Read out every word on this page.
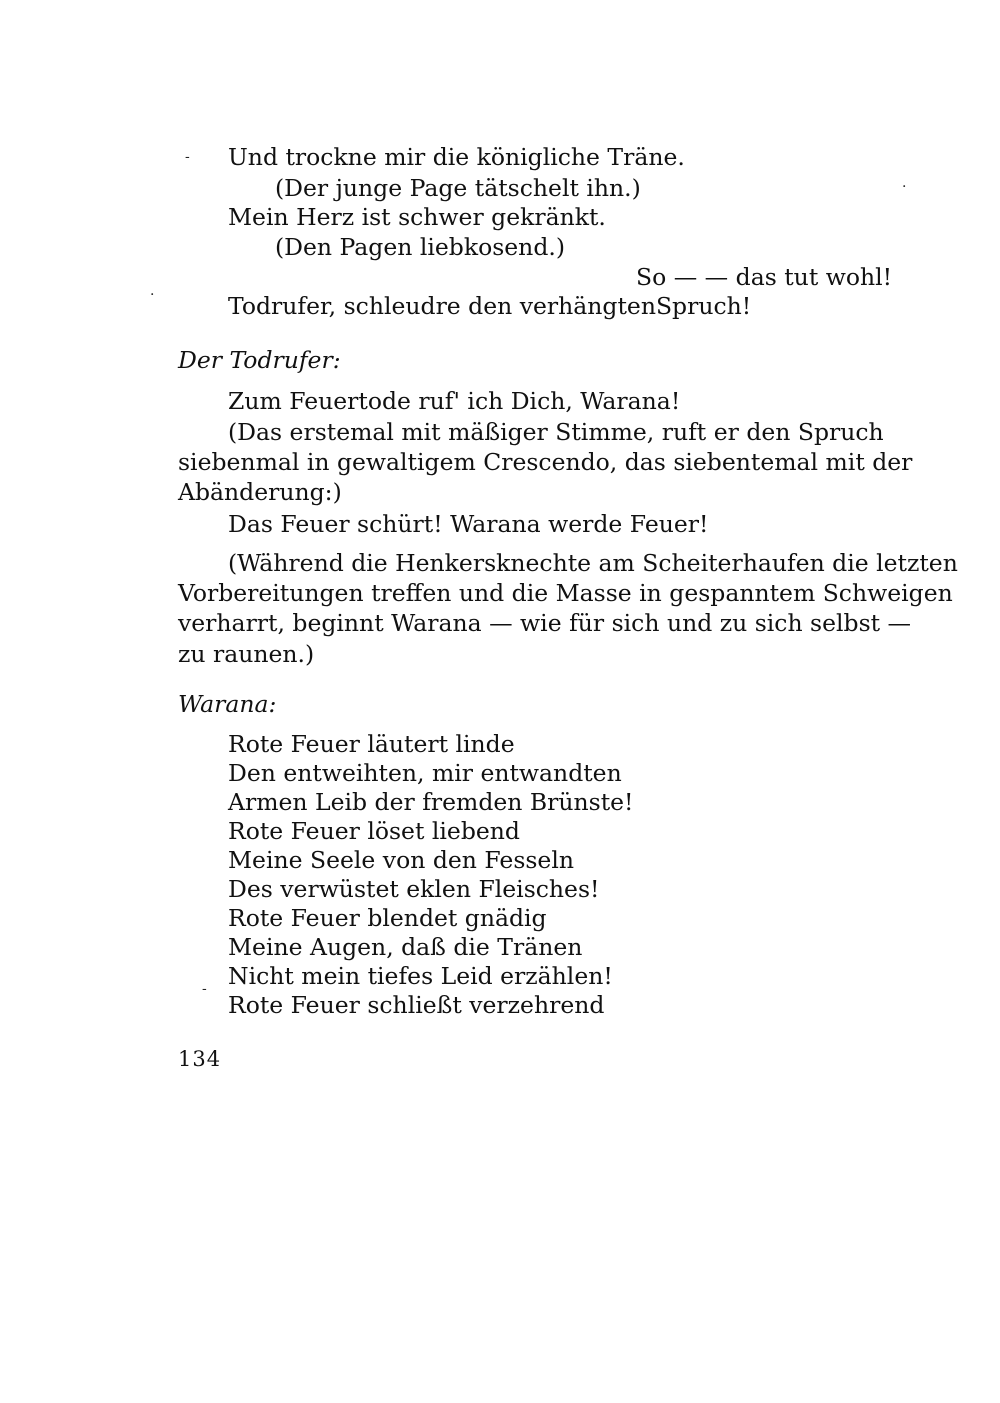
-
·
·
-
Und trockne mir die königliche Träne.
(Der junge Page tätschelt ihn.)
Mein Herz ist schwer gekränkt.
(Den Pagen liebkosend.)
So — — das tut wohl!
Todrufer, schleudre den verhängtenSpruch!
Der Todrufer:
Zum Feuertode ruf' ich Dich, Warana!
(Das erstemal mit mäßiger Stimme, ruft er den Spruch
siebenmal in gewaltigem Crescendo, das siebentemal mit der
Abänderung:)
Das Feuer schürt! Warana werde Feuer!
(Während die Henkersknechte am Scheiterhaufen die letzten
Vorbereitungen treffen und die Masse in gespanntem Schweigen
verharrt, beginnt Warana — wie für sich und zu sich selbst —
zu raunen.)
Warana:
Rote Feuer läutert linde
Den entweihten, mir entwandten
Armen Leib der fremden Brünste!
Rote Feuer löset liebend
Meine Seele von den Fesseln
Des verwüstet eklen Fleisches!
Rote Feuer blendet gnädig
Meine Augen, daß die Tränen
Nicht mein tiefes Leid erzählen!
Rote Feuer schließt verzehrend
134
